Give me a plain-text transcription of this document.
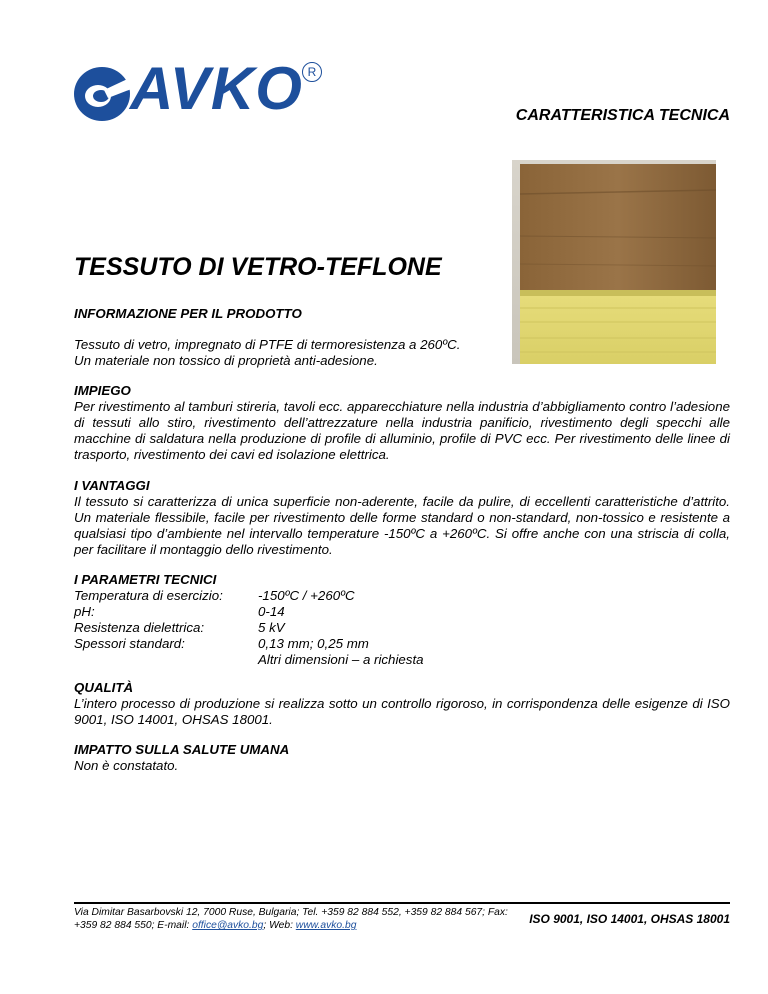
AVKO R
CARATTERISTICA TECNICA
TESSUTO DI VETRO-TEFLONE
INFORMAZIONE PER IL PRODOTTO

Tessuto di vetro, impregnato di PTFE di termoresistenza a 260ºC.

Un materiale non tossico di proprietà anti-adesione.

IMPIEGO

Per rivestimento al tamburi stireria, tavoli ecc. apparecchiature nella industria d’abbigliamento contro l’adesione di tessuti allo stiro, rivestimento dell’attrezzature nella industria panificio, rivestimento degli specchi alle macchine di saldatura nella produzione di profile di alluminio, profile di PVC ecc. Per rivestimento delle linee di trasporto, rivestimento dei cavi ed isolazione elettrica.

I VANTAGGI

Il tessuto si caratterizza di unica superficie non-aderente, facile da pulire, di eccellenti caratteristiche d’attrito. Un materiale flessibile, facile per rivestimento delle forme standard o non-standard, non-tossico e resistente a qualsiasi tipo d’ambiente nel intervallo temperature -150ºC a +260ºC. Si offre anche con una striscia di colla, per facilitare il montaggio dello rivestimento.

I PARAMETRI TECNICI
Temperatura di esercizio:	-150ºC / +260ºC
pH:	0-14
Resistenza dielettrica:	5 kV
Spessori standard:	0,13 mm; 0,25 mm
	Altri dimensioni – a richiesta
QUALITÀ

L’intero processo di produzione si realizza sotto un controllo rigoroso, in corrispondenza delle esigenze di ISO 9001, ISO 14001, OHSAS 18001.

IMPATTO SULLA SALUTE UMANA

Non è constatato.

Via Dimitar Basarbovski 12, 7000 Ruse, Bulgaria; Tel. +359 82 884 552, +359 82 884 567; Fax: +359 82 884 550; E-mail: office@avko.bg; Web: www.avko.bg	ISO 9001, ISO 14001, OHSAS 18001
